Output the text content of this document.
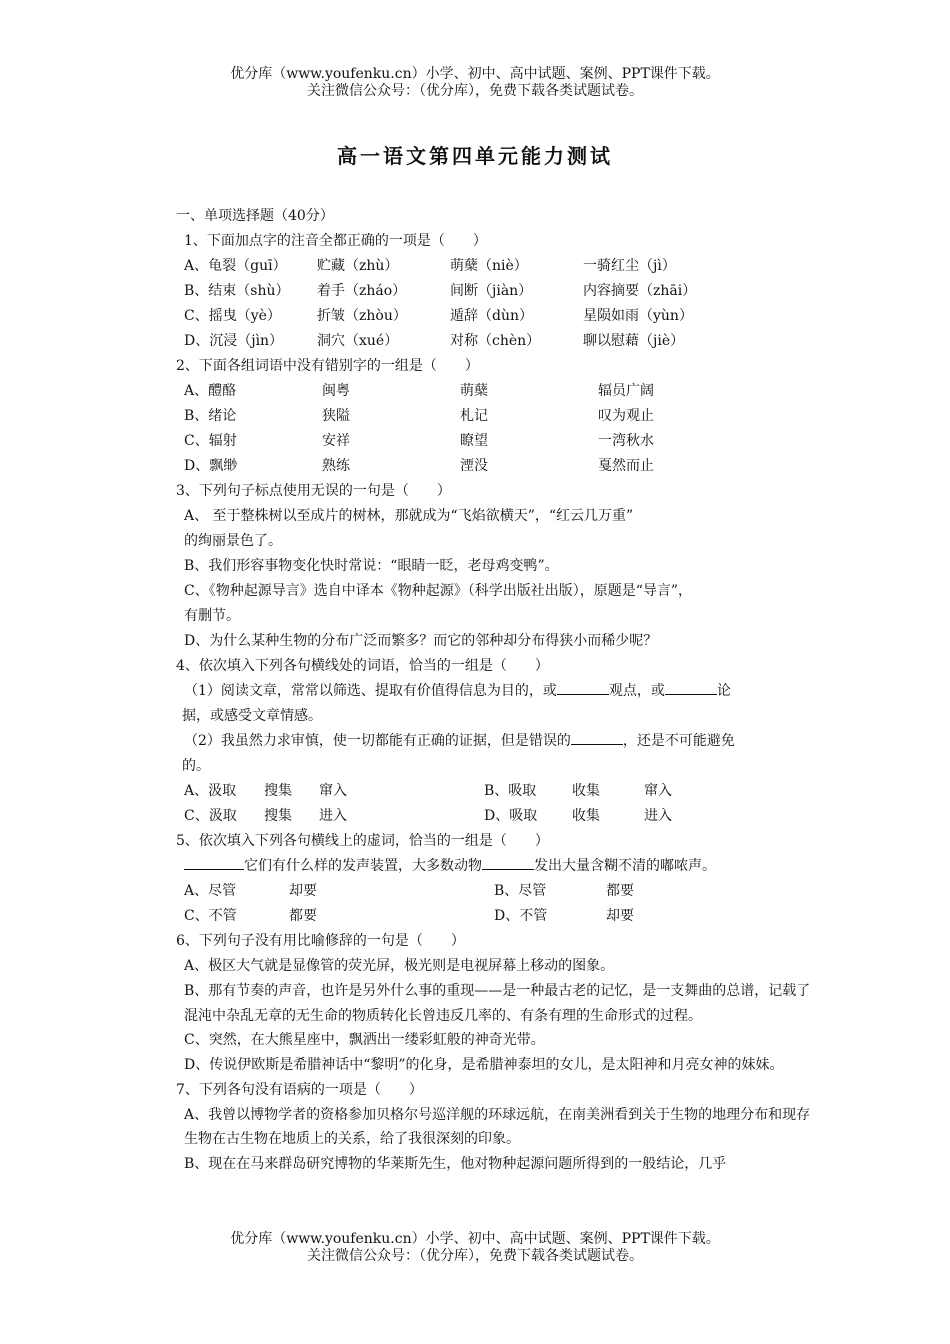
优分库（www.youfenku.cn）小学、初中、高中试题、案例、PPT课件下载。
关注微信公众号：（优分库），免费下载各类试题试卷。
高一语文第四单元能力测试
一、单项选择题（40分）
1、下面加点字的注音全都正确的一项是（　　）
A、龟裂（guī）	贮藏（zhù）	萌蘖（niè）	一骑红尘（jì）
B、结束（shù）	着手（zháo）	间断（jiàn）	内容摘要（zhāi）
C、摇曳（yè）	折皱（zhòu）	遁辞（dùn）	星陨如雨（yùn）
D、沉浸（jìn）	洞穴（xué）	对称（chèn）	聊以慰藉（jiè）
2、下面各组词语中没有错别字的一组是（　　）
A、醴酪	闽粤	萌蘖	辐员广阔
B、绪论	狭隘	札记	叹为观止
C、辐射	安祥	瞭望	一湾秋水
D、飘缈	熟练	湮没	戛然而止
3、下列句子标点使用无误的一句是（　　）
A、 至于整株树以至成片的树林，那就成为“飞焰欲横天”，“红云几万重”
的绚丽景色了。
B、我们形容事物变化快时常说：“眼睛一眨，老母鸡变鸭”。
C、《物种起源导言》选自中译本《物种起源》（科学出版社出版），原题是“导言”，
有删节。
D、为什么某种生物的分布广泛而繁多？而它的邻种却分布得狭小而稀少呢？
4、依次填入下列各句横线处的词语，恰当的一组是（　　）
（1）阅读文章，常常以筛选、提取有价值得信息为目的，或	观点，或	论
据，或感受文章情感。
（2）我虽然力求审慎，使一切都能有正确的证据，但是错误的	，还是不可能避免
的。
A、汲取	搜集	窜入	B、吸取	收集	窜入
C、汲取	搜集	进入	D、吸取	收集	进入
5、依次填入下列各句横线上的虚词，恰当的一组是（　　）
它们有什么样的发声装置，大多数动物	发出大量含糊不清的嘟哝声。
A、尽管	却要	B、尽管	都要
C、不管	都要	D、不管	却要
6、下列句子没有用比喻修辞的一句是（　　）
A、极区大气就是显像管的荧光屏，极光则是电视屏幕上移动的图象。
B、那有节奏的声音，也许是另外什么事的重现——是一种最古老的记忆，是一支舞曲的总谱，记载了混沌中杂乱无章的无生命的物质转化长曾违反几率的、有条有理的生命形式的过程。
C、突然，在大熊星座中，飘洒出一缕彩虹般的神奇光带。
D、传说伊欧斯是希腊神话中“黎明”的化身，是希腊神泰坦的女儿，是太阳神和月亮女神的妹妹。
7、下列各句没有语病的一项是（　　）
A、我曾以博物学者的资格参加贝格尔号巡洋舰的环球远航，在南美洲看到关于生物的地理分布和现存生物在古生物在地质上的关系，给了我很深刻的印象。
B、现在在马来群岛研究博物的华莱斯先生，他对物种起源问题所得到的一般结论，几乎
优分库（www.youfenku.cn）小学、初中、高中试题、案例、PPT课件下载。
关注微信公众号：（优分库），免费下载各类试题试卷。
